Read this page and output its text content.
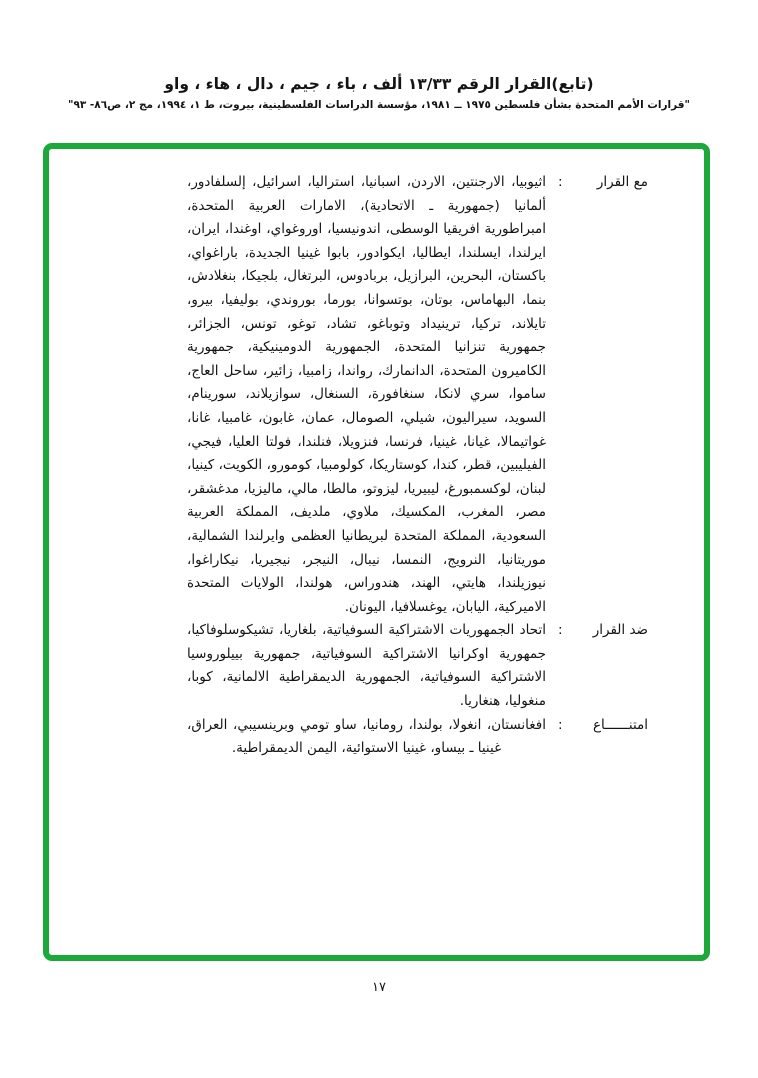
(تابع)القرار الرقم ١٣/٣٣ ألف ، باء ، جيم ، دال ، هاء ، واو
"قرارات الأمم المتحدة بشأن فلسطين ١٩٧٥ ــ ١٩٨١، مؤسسة الدراسات الفلسطينية، بيروت، ط ١، ١٩٩٤، مج ٢، ص٨٦- ٩٣"
مع القرار
:
اثيوبيا، الارجنتين، الاردن، اسبانيا، استراليا، اسرائيل، إلسلفادور، ألمانيا (جمهورية ـ الاتحادية)، الامارات العربية المتحدة، امبراطورية افريقيا الوسطى، اندونيسيا، اوروغواي، اوغندا، ايران، ايرلندا، ايسلندا، ايطاليا، ايكوادور، بابوا غينيا الجديدة، باراغواي، باكستان، البحرين، البرازيل، بربادوس، البرتغال، بلجيكا، بنغلادش، بنما، البهاماس، بوتان، بوتسوانا، بورما، بوروندي، بوليفيا، بيرو، تايلاند، تركيا، ترينيداد وتوباغو، تشاد، توغو، تونس، الجزائر، جمهورية تنزانيا المتحدة، الجمهورية الدومينيكية، جمهورية الكاميرون المتحدة، الدانمارك، رواندا، زامبيا، زائير، ساحل العاج، ساموا، سري لانكا، سنغافورة، السنغال، سوازيلاند، سورينام، السويد، سيراليون، شيلي، الصومال، عمان، غابون، غامبيا، غانا، غواتيمالا، غيانا، غينيا، فرنسا، فنزويلا، فنلندا، فولتا العليا، فيجي، الفيليبين، قطر، كندا، كوستاريكا، كولومبيا، كومورو، الكويت، كينيا، لبنان، لوكسمبورغ، ليبيريا، ليزوتو، مالطا، مالي، ماليزيا، مدغشقر، مصر، المغرب، المكسيك، ملاوي، ملديف، المملكة العربية السعودية، المملكة المتحدة لبريطانيا العظمى وايرلندا الشمالية، موريتانيا، النرويج، النمسا، نيبال، النيجر، نيجيريا، نيكاراغوا، نيوزيلندا، هايتي، الهند، هندوراس، هولندا، الولايات المتحدة الاميركية، اليابان، يوغسلافيا، اليونان.
ضد القرار
:
اتحاد الجمهوريات الاشتراكية السوفياتية، بلغاريا، تشيكوسلوفاكيا، جمهورية اوكرانيا الاشتراكية السوفياتية، جمهورية بييلوروسيا الاشتراكية السوفياتية، الجمهورية الديمقراطية الالمانية، كوبا، منغوليا، هنغاريا.
امتنــــــاع
:
افغانستان، انغولا، بولندا، رومانيا، ساو تومي وبرينسيبي، العراق، غينيا ـ بيساو، غينيا الاستوائية، اليمن الديمقراطية.
١٧
